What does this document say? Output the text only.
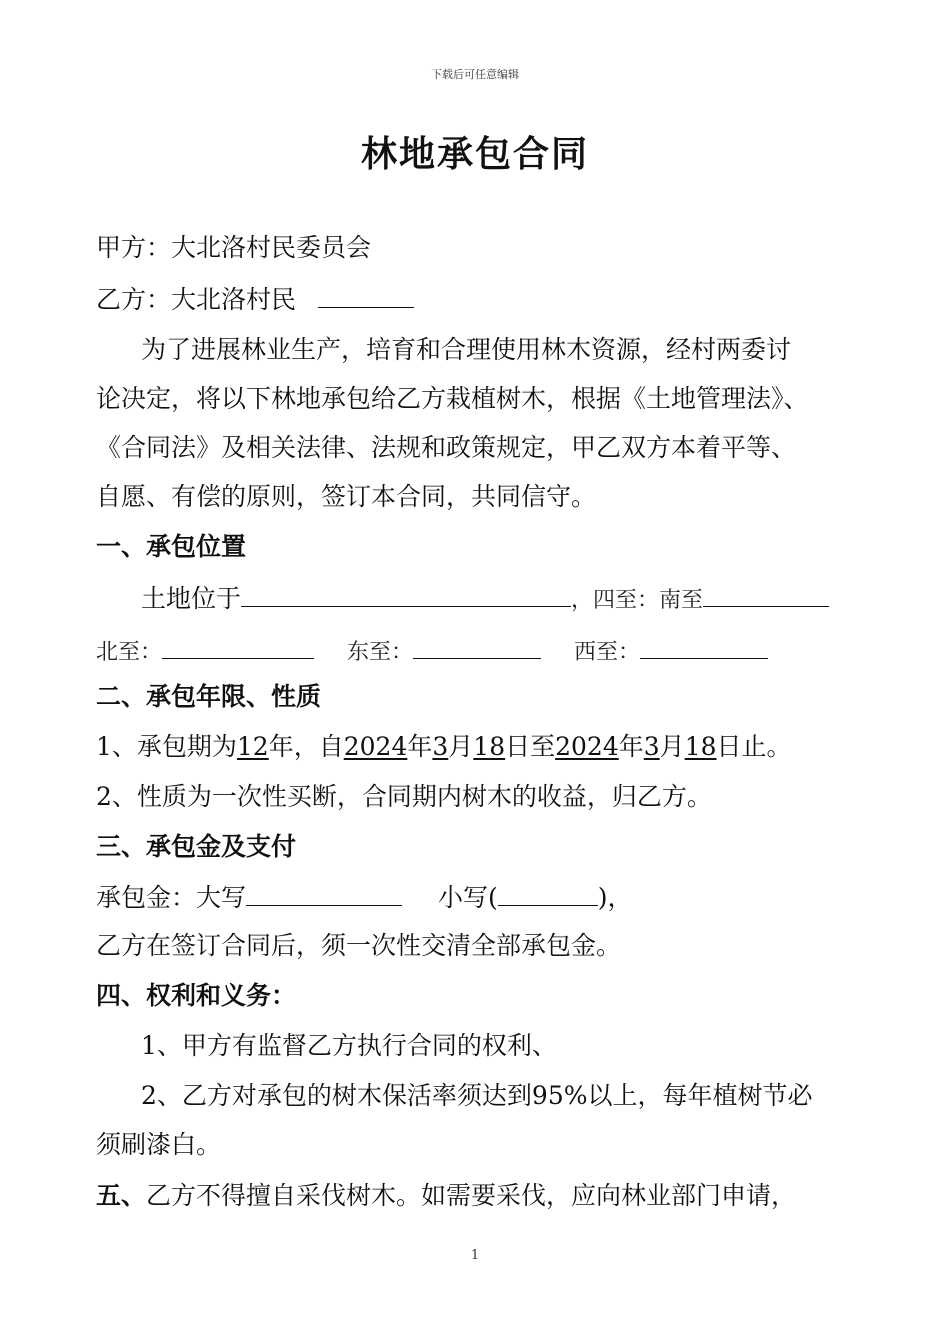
下载后可任意编辑
林地承包合同
甲方：大北洛村民委员会
乙方：大北洛村民
为了进展林业生产，培育和合理使用林木资源，经村两委讨
论决定，将以下林地承包给乙方栽植树木，根据《土地管理法》、
《合同法》及相关法律、法规和政策规定，甲乙双方本着平等、
自愿、有偿的原则，签订本合同，共同信守。
一、承包位置
土地位于	，四至：南至
北至：	东至：	西至：
二、承包年限、性质
1、承包期为12年，自2024年3月18日至2024年3月18日止。
2、性质为一次性买断，合同期内树木的收益，归乙方。
三、承包金及支付
承包金：大写	小写(	)，
乙方在签订合同后，须一次性交清全部承包金。
四、权利和义务：
1、甲方有监督乙方执行合同的权利、
2、乙方对承包的树木保活率须达到95%以上，每年植树节必
须刷漆白。
五、乙方不得擅自采伐树木。如需要采伐，应向林业部门申请，
1
